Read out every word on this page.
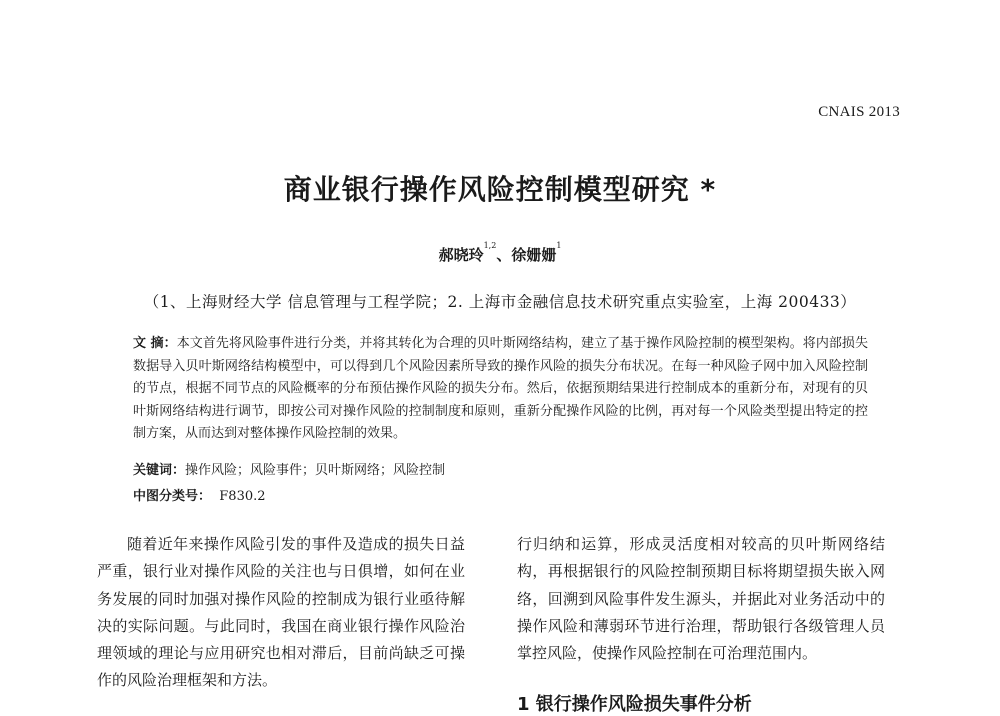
CNAIS 2013
商业银行操作风险控制模型研究 *
郝晓玲$^{1,2}$、徐姗姗$^1$
（1、上海财经大学 信息管理与工程学院；2. 上海市金融信息技术研究重点实验室，上海 200433）
文 摘：本文首先将风险事件进行分类，并将其转化为合理的贝叶斯网络结构，建立了基于操作风险控制的模型架构。将内部损失数据导入贝叶斯网络结构模型中，可以得到几个风险因素所导致的操作风险的损失分布状况。在每一种风险子网中加入风险控制的节点，根据不同节点的风险概率的分布预估操作风险的损失分布。然后，依据预期结果进行控制成本的重新分布，对现有的贝叶斯网络结构进行调节，即按公司对操作风险的控制制度和原则，重新分配操作风险的比例，再对每一个风险类型提出特定的控制方案，从而达到对整体操作风险控制的效果。
关键词：操作风险；风险事件；贝叶斯网络；风险控制
中图分类号： F830.2
随着近年来操作风险引发的事件及造成的损失日益严重，银行业对操作风险的关注也与日俱增，如何在业务发展的同时加强对操作风险的控制成为银行业亟待解决的实际问题。与此同时，我国在商业银行操作风险治理领域的理论与应用研究也相对滞后，目前尚缺乏可操作的风险治理框架和方法。
行归纳和运算，形成灵活度相对较高的贝叶斯网络结构，再根据银行的风险控制预期目标将期望损失嵌入网络，回溯到风险事件发生源头，并据此对业务活动中的操作风险和薄弱环节进行治理，帮助银行各级管理人员掌控风险，使操作风险控制在可治理范围内。
1 银行操作风险损失事件分析
